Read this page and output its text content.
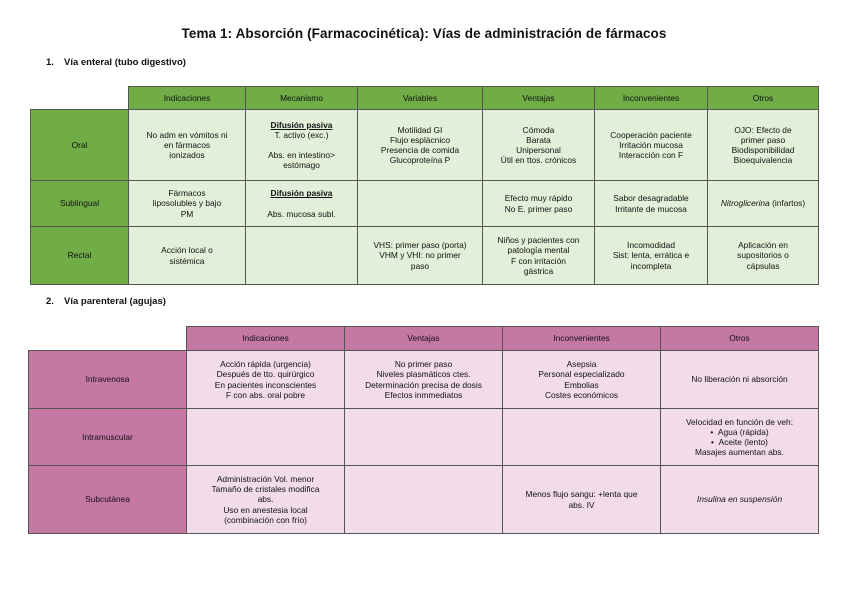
Tema 1: Absorción (Farmacocinética): Vías de administración de fármacos
1. Vía enteral (tubo digestivo)
	Indicaciones	Mecanismo	Variables	Ventajas	Inconvenientes	Otros
Oral	No adm en vómitos ni
en fármacos
ionizados	Difusión pasiva
T. activo (exc.)
Abs. en intestino>
estómago	Motilidad GI
Flujo esplácnico
Presencia de comida
Glucoproteína P	Cómoda
Barata
Unipersonal
Útil en ttos. crónicos	Cooperación paciente
Irritación mucosa
Interacción con F	OJO: Efecto de
primer paso
Biodisponibilidad
Bioequivalencia

Sublingual	Fármacos
liposolubles y bajo
PM	Difusión pasiva
Abs. mucosa subl.		Efecto muy rápido
No E. primer paso	Sabor desagradable
Irritante de mucosa	Nitroglicerina (infartos)
Rectal	Acción local o
sistémica		VHS: primer paso (porta)
VHM y VHI: no primer
paso	Niños y pacientes con
patología mental
F con irritación
gástrica	Incomodidad
Sist: lenta, errática e
incompleta	Aplicación en
supositorios o
cápsulas
2. Vía parenteral (agujas)
	Indicaciones	Ventajas	Inconvenientes	Otros
Intravenosa	Acción rápida (urgencia)
Después de tto. quirúrgico
En pacientes inconscientes
F con abs. oral pobre	No primer paso
Niveles plasmáticos ctes.
Determinación precisa de dosis
Efectos inmmediatos	Asepsia
Personal especializado
Embolias
Costes económicos	No liberación ni absorción

Intramuscular				Velocidad en función de veh:
•  Agua (rápida)
•  Aceite (lento)
Masajes aumentan abs.

Subcutánea	Administración Vol. menor
Tamaño de cristales modifica
abs.
Uso en anestesia local
(combinación con frío)		Menos flujo sangu: +lenta que
abs. IV	Insulina en suspensión
